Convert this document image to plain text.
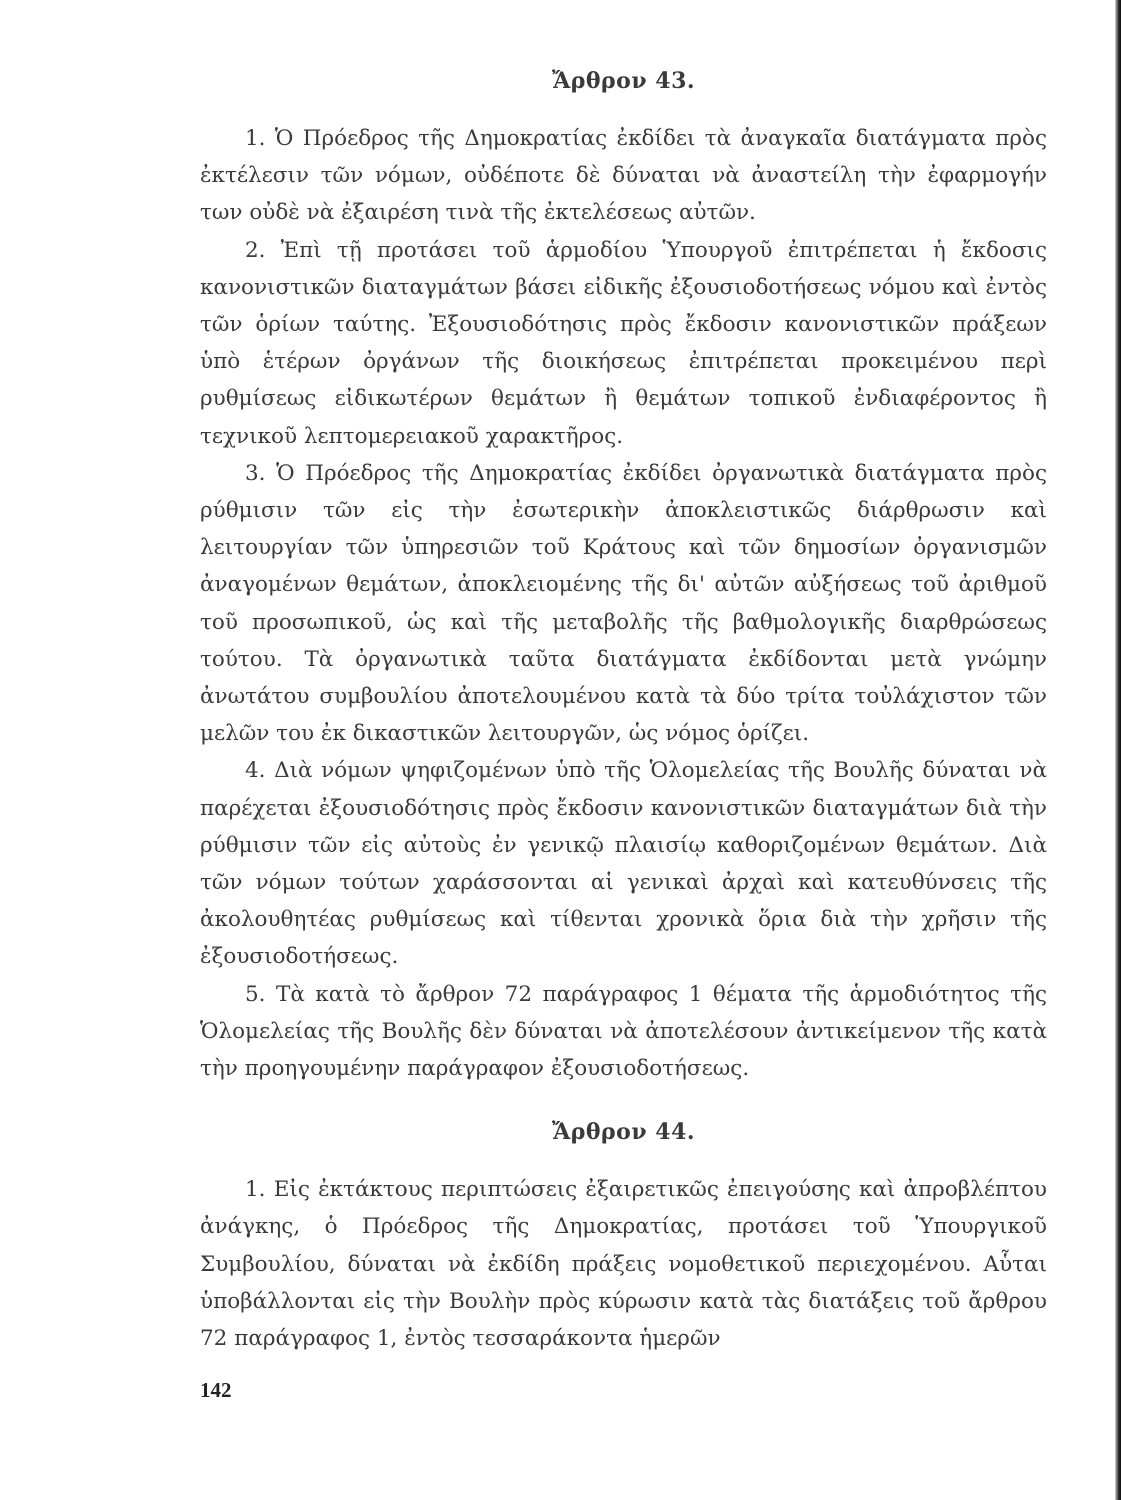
Ἄρθρον 43.

1. Ὁ Πρόεδρος τῆς Δημοκρατίας ἐκδίδει τὰ ἀναγκαῖα διατάγματα πρὸς ἐκτέλεσιν τῶν νόμων, οὐδέποτε δὲ δύναται νὰ ἀναστείλη τὴν ἐφαρμογήν των οὐδὲ νὰ ἐξαιρέση τινὰ τῆς ἐκτελέσεως αὐτῶν.

2. Ἐπὶ τῇ προτάσει τοῦ ἁρμοδίου Ὑπουργοῦ ἐπιτρέπεται ἡ ἔκδοσις κανονιστικῶν διαταγμάτων βάσει εἰδικῆς ἐξουσιοδοτήσεως νόμου καὶ ἐντὸς τῶν ὁρίων ταύτης. Ἐξουσιοδότησις πρὸς ἔκδοσιν κανονιστικῶν πράξεων ὑπὸ ἑτέρων ὀργάνων τῆς διοικήσεως ἐπιτρέπεται προκειμένου περὶ ρυθμίσεως εἰδικωτέρων θεμάτων ἢ θεμάτων τοπικοῦ ἐνδιαφέροντος ἢ τεχνικοῦ λεπτομερειακοῦ χαρακτῆρος.

3. Ὁ Πρόεδρος τῆς Δημοκρατίας ἐκδίδει ὀργανωτικὰ διατάγματα πρὸς ρύθμισιν τῶν εἰς τὴν ἐσωτερικὴν ἀποκλειστικῶς διάρθρωσιν καὶ λειτουργίαν τῶν ὑπηρεσιῶν τοῦ Κράτους καὶ τῶν δημοσίων ὀργανισμῶν ἀναγομένων θεμάτων, ἀποκλειομένης τῆς δι' αὐτῶν αὐξήσεως τοῦ ἀριθμοῦ τοῦ προσωπικοῦ, ὡς καὶ τῆς μεταβολῆς τῆς βαθμολογικῆς διαρθρώσεως τούτου. Τὰ ὀργανωτικὰ ταῦτα διατάγματα ἐκδίδονται μετὰ γνώμην ἀνωτάτου συμβουλίου ἀποτελουμένου κατὰ τὰ δύο τρίτα τοὐλάχιστον τῶν μελῶν του ἐκ δικαστικῶν λειτουργῶν, ὡς νόμος ὁρίζει.

4. Διὰ νόμων ψηφιζομένων ὑπὸ τῆς Ὁλομελείας τῆς Βουλῆς δύναται νὰ παρέχεται ἐξουσιοδότησις πρὸς ἔκδοσιν κανονιστικῶν διαταγμάτων διὰ τὴν ρύθμισιν τῶν εἰς αὐτοὺς ἐν γενικῷ πλαισίῳ καθοριζομένων θεμάτων. Διὰ τῶν νόμων τούτων χαράσσονται αἱ γενικαὶ ἀρχαὶ καὶ κατευθύνσεις τῆς ἀκολουθητέας ρυθμίσεως καὶ τίθενται χρονικὰ ὅρια διὰ τὴν χρῆσιν τῆς ἐξουσιοδοτήσεως.

5. Τὰ κατὰ τὸ ἄρθρον 72 παράγραφος 1 θέματα τῆς ἁρμοδιότητος τῆς Ὁλομελείας τῆς Βουλῆς δὲν δύναται νὰ ἀποτελέσουν ἀντικείμενον τῆς κατὰ τὴν προηγουμένην παράγραφον ἐξουσιοδοτήσεως.

Ἄρθρον 44.

1. Εἰς ἐκτάκτους περιπτώσεις ἐξαιρετικῶς ἐπειγούσης καὶ ἀπροβλέπτου ἀνάγκης, ὁ Πρόεδρος τῆς Δημοκρατίας, προτάσει τοῦ Ὑπουργικοῦ Συμβουλίου, δύναται νὰ ἐκδίδη πράξεις νομοθετικοῦ περιεχομένου. Αὗται ὑποβάλλονται εἰς τὴν Βουλὴν πρὸς κύρωσιν κατὰ τὰς διατάξεις τοῦ ἄρθρου 72 παράγραφος 1, ἐντὸς τεσσαράκοντα ἡμερῶν

142
